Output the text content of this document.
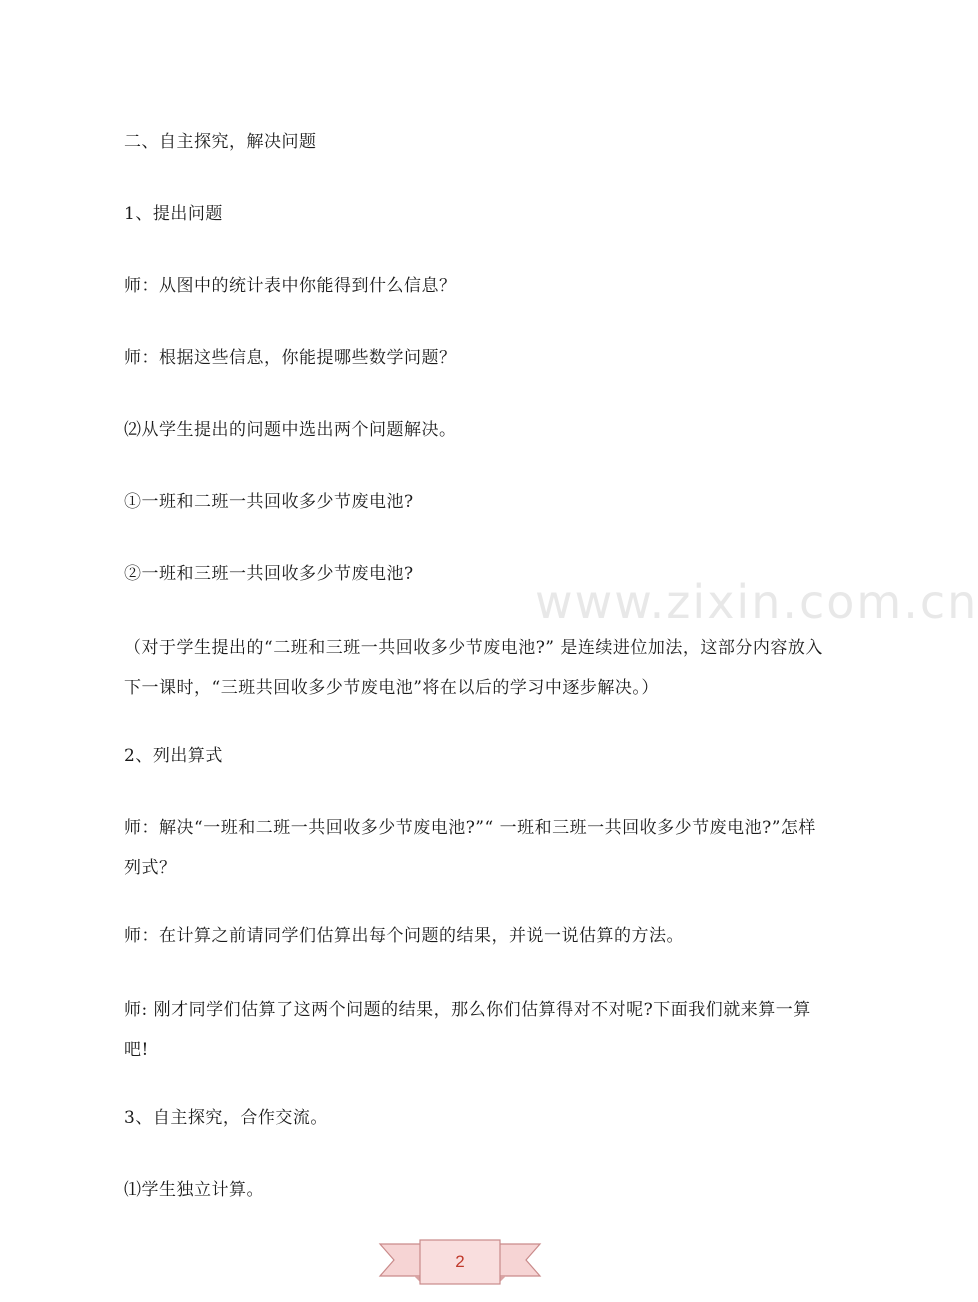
www.zixin.com.cn

二、自主探究，解决问题

1、提出问题

师：从图中的统计表中你能得到什么信息？

师：根据这些信息，你能提哪些数学问题？

⑵从学生提出的问题中选出两个问题解决。

①一班和二班一共回收多少节废电池?

②一班和三班一共回收多少节废电池?

（对于学生提出的“二班和三班一共回收多少节废电池?” 是连续进位加法，这部分内容放入下一课时，“三班共回收多少节废电池”将在以后的学习中逐步解决。）

2、列出算式

师：解决“一班和二班一共回收多少节废电池?”“ 一班和三班一共回收多少节废电池?”怎样列式？

师：在计算之前请同学们估算出每个问题的结果，并说一说估算的方法。

师: 刚才同学们估算了这两个问题的结果，那么你们估算得对不对呢?下面我们就来算一算吧!

3、自主探究，合作交流。

⑴学生独立计算。

2
